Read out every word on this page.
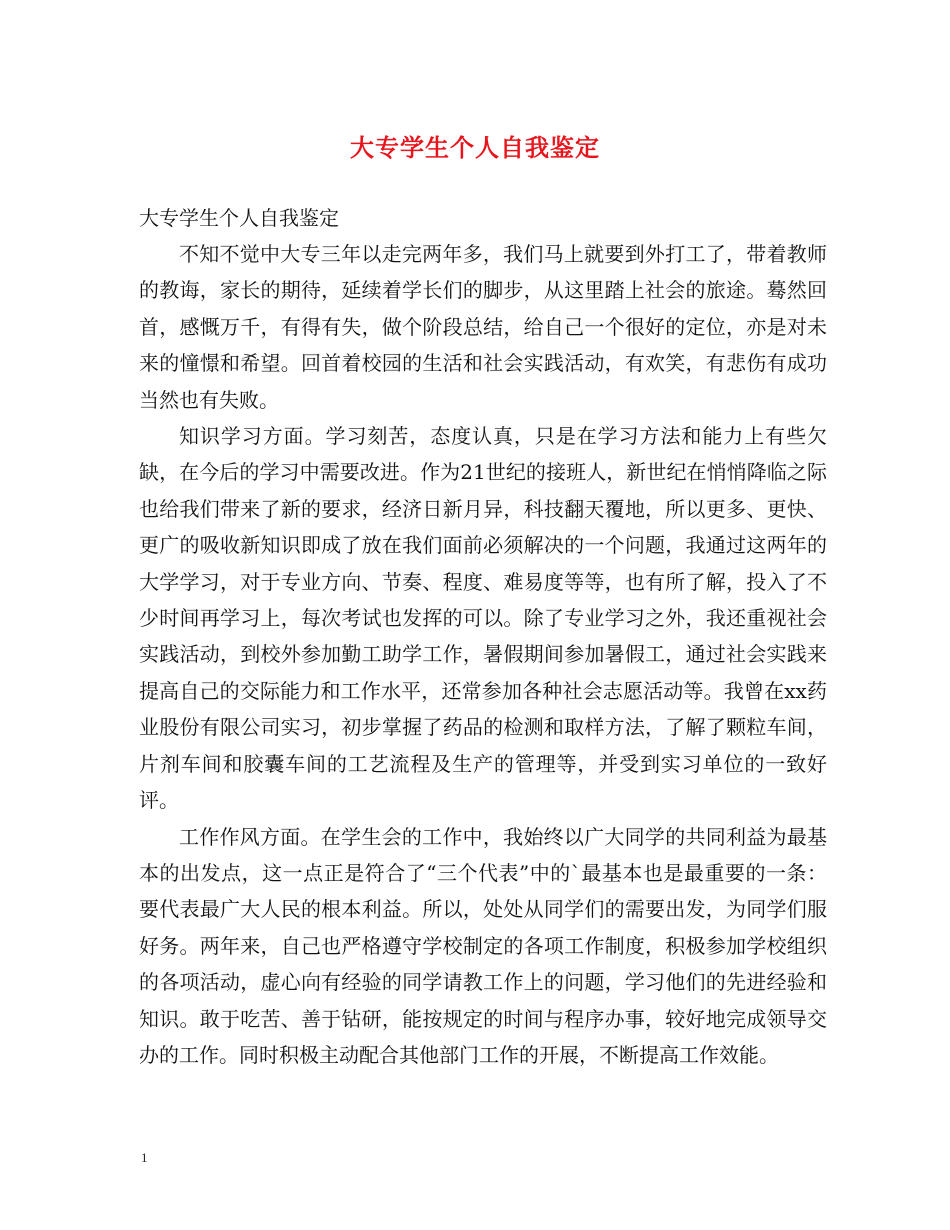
大专学生个人自我鉴定

大专学生个人自我鉴定

不知不觉中大专三年以走完两年多，我们马上就要到外打工了，带着教师的教诲，家长的期待，延续着学长们的脚步，从这里踏上社会的旅途。蓦然回首，感慨万千，有得有失，做个阶段总结，给自己一个很好的定位，亦是对未来的憧憬和希望。回首着校园的生活和社会实践活动，有欢笑，有悲伤有成功当然也有失败。

知识学习方面。学习刻苦，态度认真，只是在学习方法和能力上有些欠缺，在今后的学习中需要改进。作为21世纪的接班人，新世纪在悄悄降临之际也给我们带来了新的要求，经济日新月异，科技翻天覆地，所以更多、更快、更广的吸收新知识即成了放在我们面前必须解决的一个问题，我通过这两年的大学学习，对于专业方向、节奏、程度、难易度等等，也有所了解，投入了不少时间再学习上，每次考试也发挥的可以。除了专业学习之外，我还重视社会实践活动，到校外参加勤工助学工作，暑假期间参加暑假工，通过社会实践来提高自己的交际能力和工作水平，还常参加各种社会志愿活动等。我曾在xx药业股份有限公司实习，初步掌握了药品的检测和取样方法，了解了颗粒车间，片剂车间和胶囊车间的工艺流程及生产的管理等，并受到实习单位的一致好评。

工作作风方面。在学生会的工作中，我始终以广大同学的共同利益为最基本的出发点，这一点正是符合了“三个代表”中的`最基本也是最重要的一条：要代表最广大人民的根本利益。所以，处处从同学们的需要出发，为同学们服好务。两年来，自己也严格遵守学校制定的各项工作制度，积极参加学校组织的各项活动，虚心向有经验的同学请教工作上的问题，学习他们的先进经验和知识。敢于吃苦、善于钻研，能按规定的时间与程序办事，较好地完成领导交办的工作。同时积极主动配合其他部门工作的开展，不断提高工作效能。

1
